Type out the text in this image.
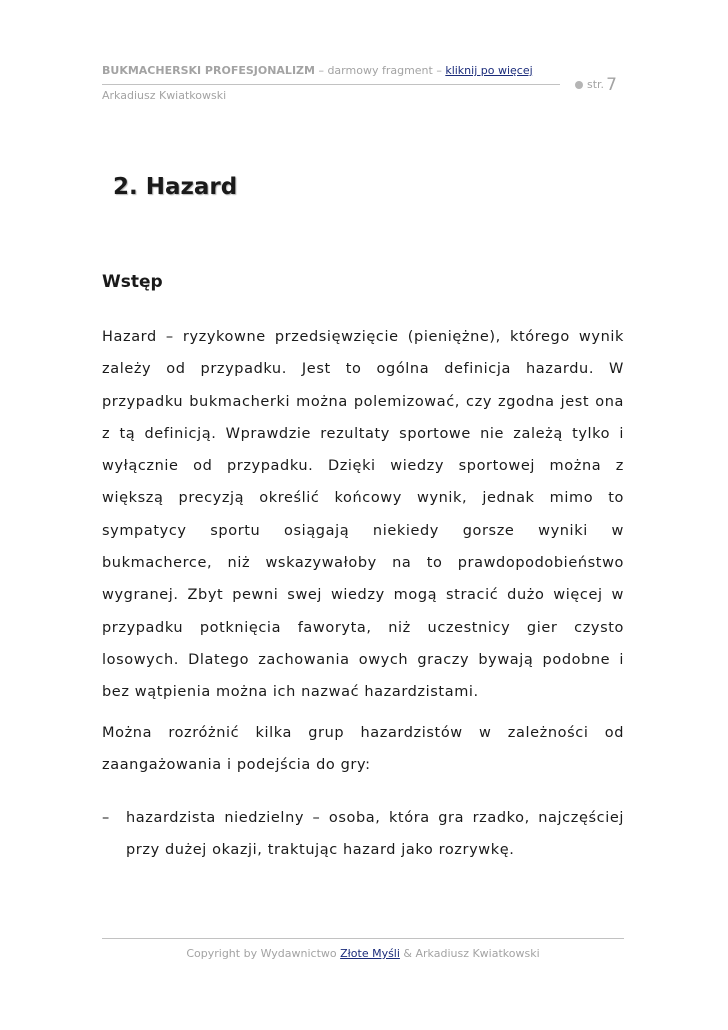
BUKMACHERSKI PROFESJONALIZM – darmowy fragment – kliknij po więcej
Arkadiusz Kwiatkowski
str. 7
2. Hazard
Wstęp

Hazard – ryzykowne przedsięwzięcie (pieniężne), którego wynik zależy od przypadku. Jest to ogólna definicja hazardu. W przypadku bukmacherki można polemizować, czy zgodna jest ona z tą definicją. Wprawdzie rezultaty sportowe nie zależą tylko i wyłącznie od przypadku. Dzięki wiedzy sportowej można z większą precyzją określić końcowy wynik, jednak mimo to sympatycy sportu osiągają niekiedy gorsze wyniki w bukmacherce, niż wskazywałoby na to prawdopodobieństwo wygranej. Zbyt pewni swej wiedzy mogą stracić dużo więcej w przypadku potknięcia faworyta, niż uczestnicy gier czysto losowych. Dlatego zachowania owych graczy bywają podobne i bez wątpienia można ich nazwać hazardzistami.

Można rozróżnić kilka grup hazardzistów w zależności od zaangażowania i podejścia do gry:

– hazardzista niedzielny – osoba, która gra rzadko, najczęściej przy dużej okazji, traktując hazard jako rozrywkę.

Copyright by Wydawnictwo Złote Myśli & Arkadiusz Kwiatkowski
